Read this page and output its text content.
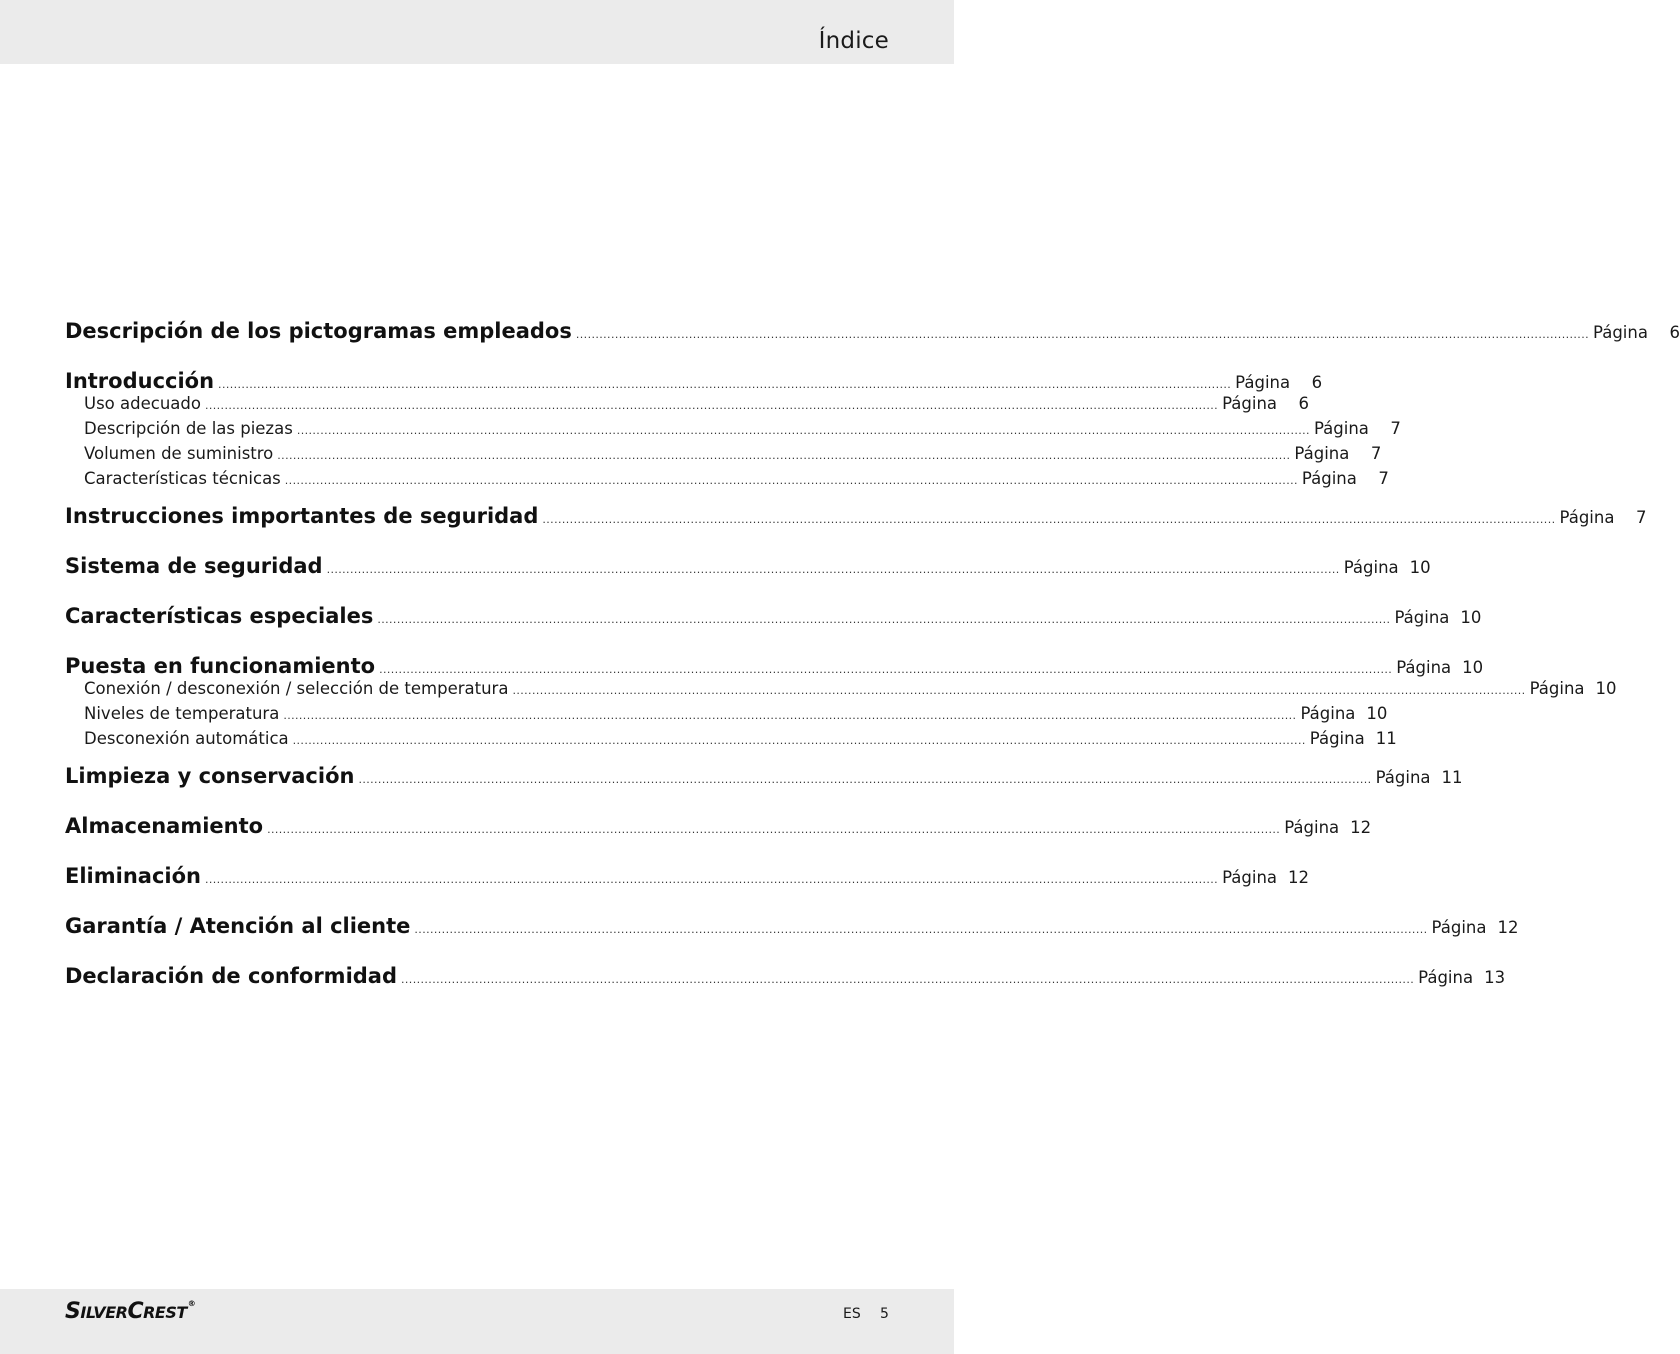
Índice
Descripción de los pictogramas empleados .................................................................................................................................................................................................................................................................... Página	6
Introducción .................................................................................................................................................................................................................................................................... Página	6
Uso adecuado .................................................................................................................................................................................................................................................................... Página	6
Descripción de las piezas .................................................................................................................................................................................................................................................................... Página	7
Volumen de suministro .................................................................................................................................................................................................................................................................... Página	7
Características técnicas .................................................................................................................................................................................................................................................................... Página	7
Instrucciones importantes de seguridad .................................................................................................................................................................................................................................................................... Página	7
Sistema de seguridad .................................................................................................................................................................................................................................................................... Página 10
Características especiales .................................................................................................................................................................................................................................................................... Página 10
Puesta en funcionamiento .................................................................................................................................................................................................................................................................... Página 10
Conexión / desconexión / selección de temperatura .................................................................................................................................................................................................................................................................... Página 10
Niveles de temperatura .................................................................................................................................................................................................................................................................... Página 10
Desconexión automática .................................................................................................................................................................................................................................................................... Página 11
Limpieza y conservación .................................................................................................................................................................................................................................................................... Página 11
Almacenamiento .................................................................................................................................................................................................................................................................... Página 12
Eliminación .................................................................................................................................................................................................................................................................... Página 12
Garantía / Atención al cliente .................................................................................................................................................................................................................................................................... Página 12
Declaración de conformidad .................................................................................................................................................................................................................................................................... Página 13
SILVERCREST®
ES 5
